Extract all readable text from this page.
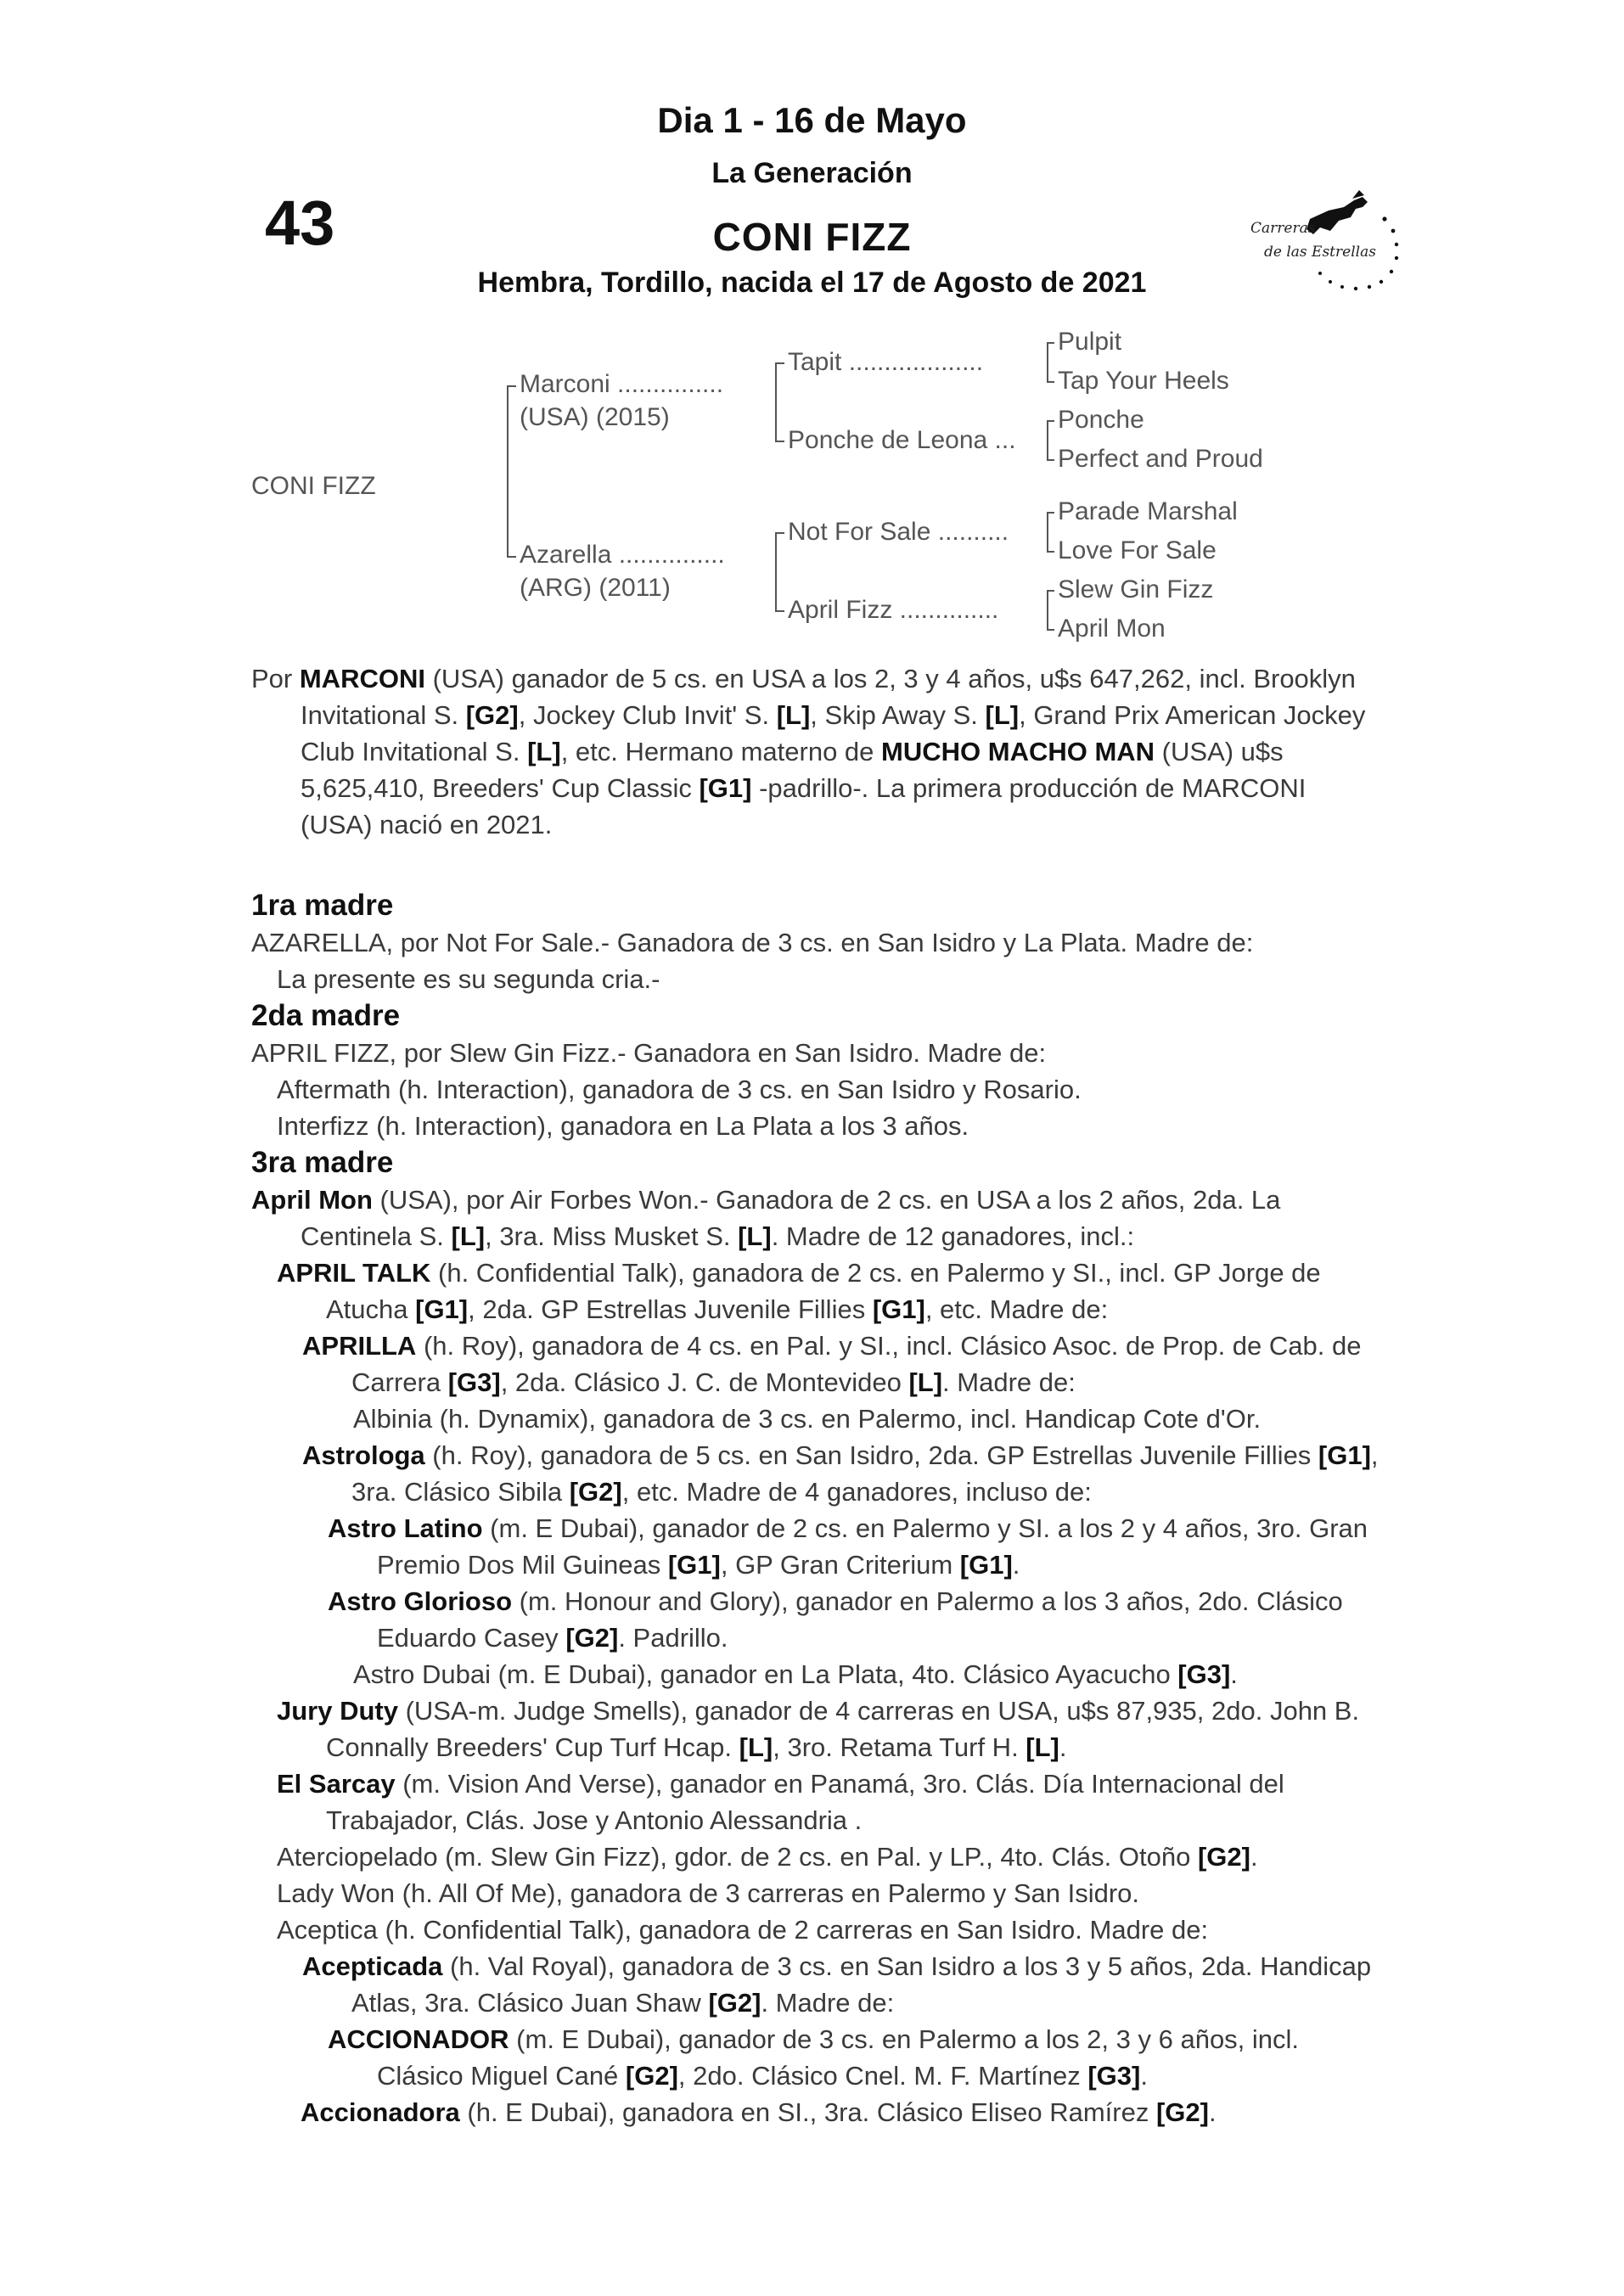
Dia 1 - 16 de Mayo
La Generación
43	CONI FIZZ
Hembra, Tordillo, nacida el 17 de Agosto de 2021
Carreras
de las Estrellas
CONI FIZZ
Marconi ...............
(USA) (2015)
Azarella ...............
(ARG) (2011)
Tapit ...................
Ponche de Leona ...
Not For Sale ..........
April Fizz ..............
Pulpit
Tap Your Heels
Ponche
Perfect and Proud
Parade Marshal
Love For Sale
Slew Gin Fizz
April Mon

Por MARCONI (USA) ganador de 5 cs. en USA a los 2, 3 y 4 años, u$s 647,262, incl. Brooklyn Invitational S. [G2], Jockey Club Invit' S. [L], Skip Away S. [L], Grand Prix American Jockey Club Invitational S. [L], etc. Hermano materno de MUCHO MACHO MAN (USA) u$s 5,625,410, Breeders' Cup Classic [G1] -padrillo-. La primera producción de MARCONI (USA) nació en 2021.

1ra madre

AZARELLA, por Not For Sale.- Ganadora de 3 cs. en San Isidro y La Plata. Madre de:

La presente es su segunda cria.-

2da madre

APRIL FIZZ, por Slew Gin Fizz.- Ganadora en San Isidro. Madre de:

Aftermath (h. Interaction), ganadora de 3 cs. en San Isidro y Rosario.

Interfizz (h. Interaction), ganadora en La Plata a los 3 años.

3ra madre

April Mon (USA), por Air Forbes Won.- Ganadora de 2 cs. en USA a los 2 años, 2da. La Centinela S. [L], 3ra. Miss Musket S. [L]. Madre de 12 ganadores, incl.:

APRIL TALK (h. Confidential Talk), ganadora de 2 cs. en Palermo y SI., incl. GP Jorge de Atucha [G1], 2da. GP Estrellas Juvenile Fillies [G1], etc. Madre de:

APRILLA (h. Roy), ganadora de 4 cs. en Pal. y SI., incl. Clásico Asoc. de Prop. de Cab. de Carrera [G3], 2da. Clásico J. C. de Montevideo [L]. Madre de:

Albinia (h. Dynamix), ganadora de 3 cs. en Palermo, incl. Handicap Cote d'Or.

Astrologa (h. Roy), ganadora de 5 cs. en San Isidro, 2da. GP Estrellas Juvenile Fillies [G1], 3ra. Clásico Sibila [G2], etc. Madre de 4 ganadores, incluso de:

Astro Latino (m. E Dubai), ganador de 2 cs. en Palermo y SI. a los 2 y 4 años, 3ro. Gran Premio Dos Mil Guineas [G1], GP Gran Criterium [G1].

Astro Glorioso (m. Honour and Glory), ganador en Palermo a los 3 años, 2do. Clásico Eduardo Casey [G2]. Padrillo.

Astro Dubai (m. E Dubai), ganador en La Plata, 4to. Clásico Ayacucho [G3].

Jury Duty (USA-m. Judge Smells), ganador de 4 carreras en USA, u$s 87,935, 2do. John B. Connally Breeders' Cup Turf Hcap. [L], 3ro. Retama Turf H. [L].

El Sarcay (m. Vision And Verse), ganador en Panamá, 3ro. Clás. Día Internacional del Trabajador, Clás. Jose y Antonio Alessandria .

Aterciopelado (m. Slew Gin Fizz), gdor. de 2 cs. en Pal. y LP., 4to. Clás. Otoño [G2].

Lady Won (h. All Of Me), ganadora de 3 carreras en Palermo y San Isidro.

Aceptica (h. Confidential Talk), ganadora de 2 carreras en San Isidro. Madre de:

Acepticada (h. Val Royal), ganadora de 3 cs. en San Isidro a los 3 y 5 años, 2da. Handicap Atlas, 3ra. Clásico Juan Shaw [G2]. Madre de:

ACCIONADOR (m. E Dubai), ganador de 3 cs. en Palermo a los 2, 3 y 6 años, incl. Clásico Miguel Cané [G2], 2do. Clásico Cnel. M. F. Martínez [G3].

Accionadora (h. E Dubai), ganadora en SI., 3ra. Clásico Eliseo Ramírez [G2].
